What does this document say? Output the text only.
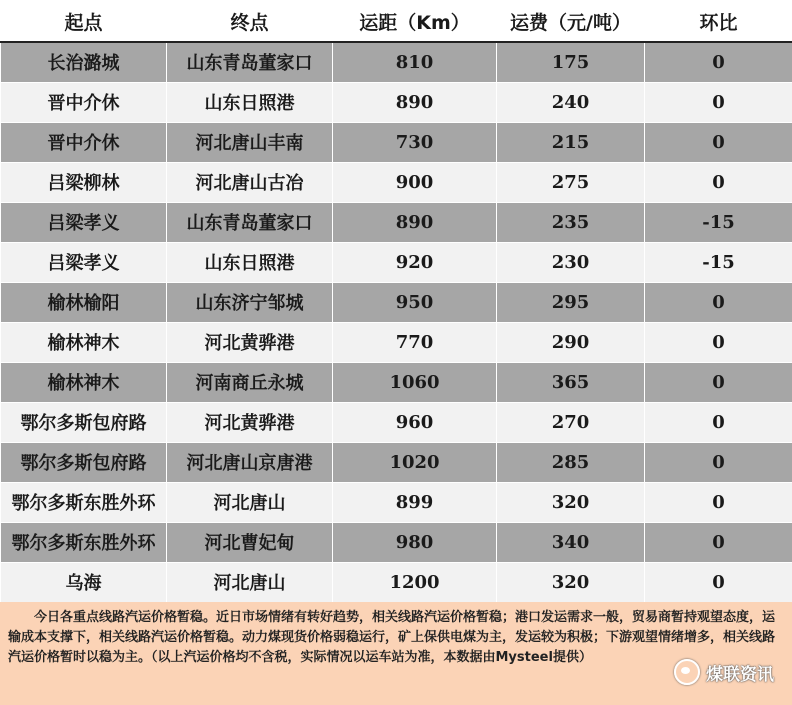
起点	终点	运距（Km）	运费（元/吨）	环比
长治潞城	山东青岛董家口	810	175	0
晋中介休	山东日照港	890	240	0
晋中介休	河北唐山丰南	730	215	0
吕梁柳林	河北唐山古冶	900	275	0
吕梁孝义	山东青岛董家口	890	235	-15
吕梁孝义	山东日照港	920	230	-15
榆林榆阳	山东济宁邹城	950	295	0
榆林神木	河北黄骅港	770	290	0
榆林神木	河南商丘永城	1060	365	0
鄂尔多斯包府路	河北黄骅港	960	270	0
鄂尔多斯包府路	河北唐山京唐港	1020	285	0
鄂尔多斯东胜外环	河北唐山	899	320	0
鄂尔多斯东胜外环	河北曹妃甸	980	340	0
乌海	河北唐山	1200	320	0
今日各重点线路汽运价格暂稳。近日市场情绪有转好趋势，相关线路汽运价格暂稳；港口发运需求一般，贸易商暂持观望态度，运输成本支撑下，相关线路汽运价格暂稳。动力煤现货价格弱稳运行，矿上保供电煤为主，发运较为积极；下游观望情绪增多，相关线路汽运价格暂时以稳为主。（以上汽运价格均不含税，实际情况以运车站为准，本数据由Mysteel提供）
煤联资讯
